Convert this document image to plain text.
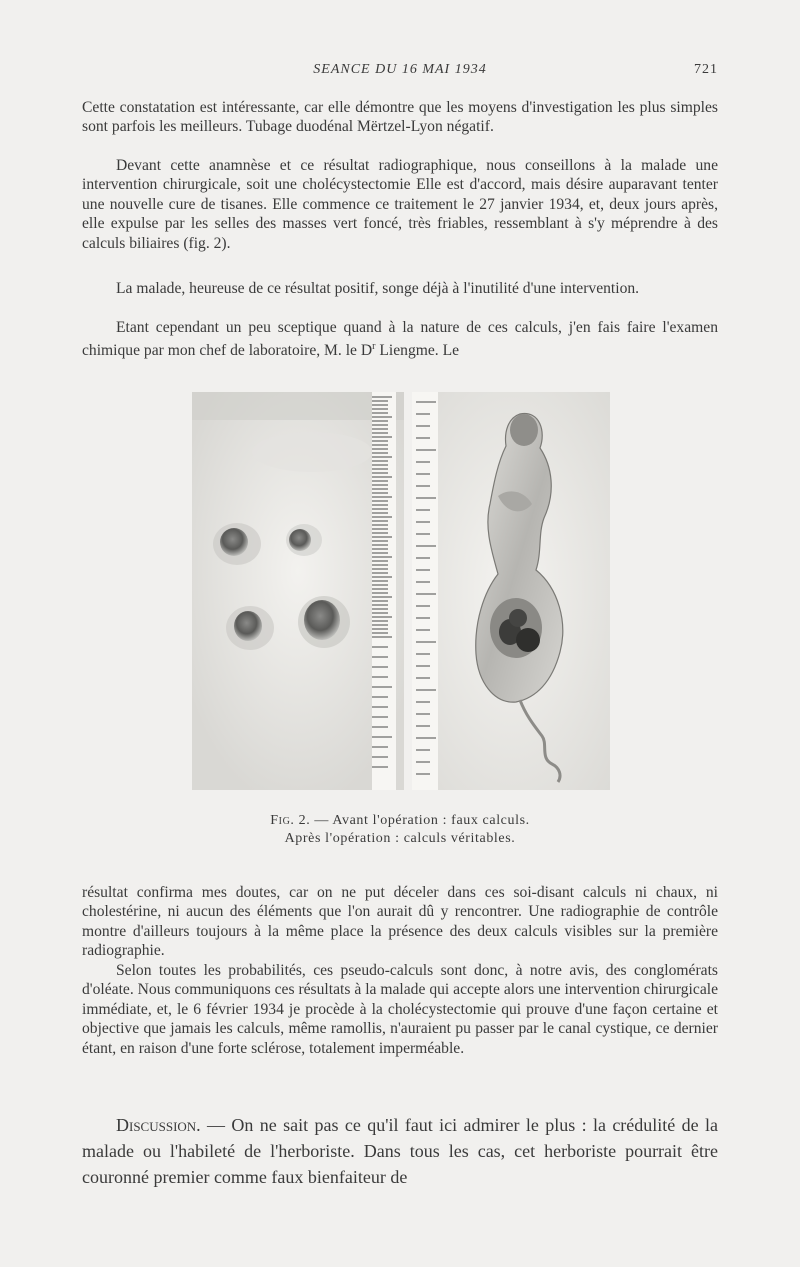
SEANCE DU 16 MAI 1934	721

Cette constatation est intéressante, car elle démontre que les moyens d'investigation les plus simples sont parfois les meilleurs. Tubage duodénal Mërtzel-Lyon négatif.

Devant cette anamnèse et ce résultat radiographique, nous conseillons à la malade une intervention chirurgicale, soit une cholécystectomie Elle est d'accord, mais désire auparavant tenter une nouvelle cure de tisanes. Elle commence ce traitement le 27 janvier 1934, et, deux jours après, elle expulse par les selles des masses vert foncé, très friables, ressemblant à s'y méprendre à des calculs biliaires (fig. 2).

La malade, heureuse de ce résultat positif, songe déjà à l'inutilité d'une intervention.

Etant cependant un peu sceptique quand à la nature de ces calculs, j'en fais faire l'examen chimique par mon chef de laboratoire, M. le $D^r$ Liengme. Le

Fig. 2. — Avant l'opération : faux calculs.
Après l'opération : calculs véritables.

résultat confirma mes doutes, car on ne put déceler dans ces soi-disant calculs ni chaux, ni cholestérine, ni aucun des éléments que l'on aurait dû y rencontrer. Une radiographie de contrôle montre d'ailleurs toujours à la même place la présence des deux calculs visibles sur la première radiographie.

Selon toutes les probabilités, ces pseudo-calculs sont donc, à notre avis, des conglomérats d'oléate. Nous communiquons ces résultats à la malade qui accepte alors une intervention chirurgicale immédiate, et, le 6 février 1934 je procède à la cholécystectomie qui prouve d'une façon certaine et objective que jamais les calculs, même ramollis, n'auraient pu passer par le canal cystique, ce dernier étant, en raison d'une forte sclérose, totalement imperméable.

Discussion. — On ne sait pas ce qu'il faut ici admirer le plus : la crédulité de la malade ou l'habileté de l'herboriste. Dans tous les cas, cet herboriste pourrait être couronné premier comme faux bienfaiteur de
